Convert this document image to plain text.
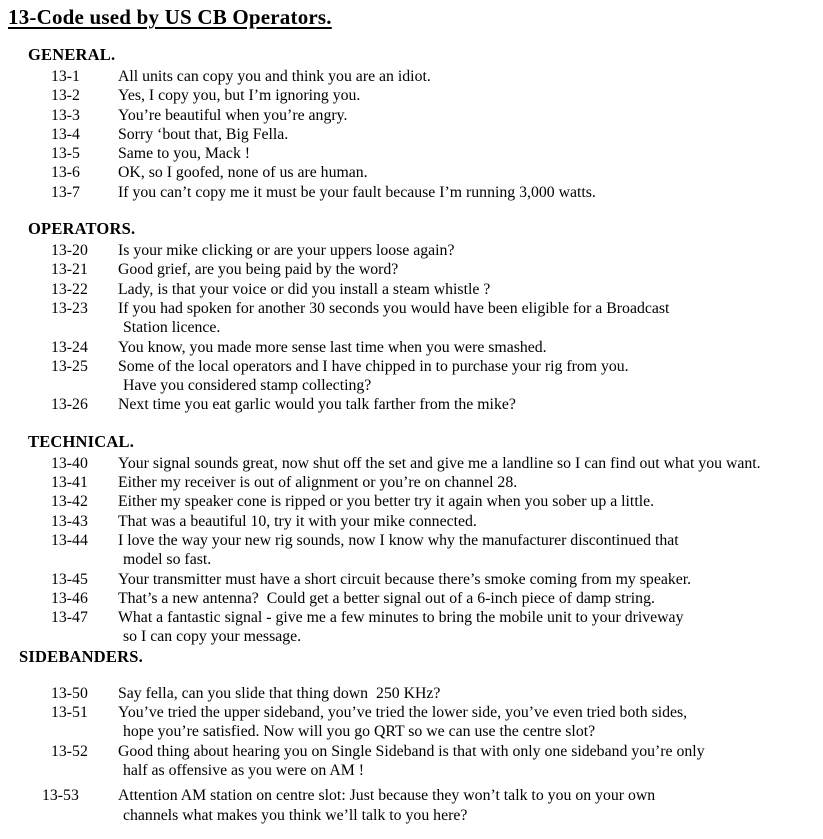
13-Code used by US CB Operators.
GENERAL.
13-1	All units can copy you and think you are an idiot.
13-2	Yes, I copy you, but I’m ignoring you.
13-3	You’re beautiful when you’re angry.
13-4	Sorry ‘bout that, Big Fella.
13-5	Same to you, Mack !
13-6	OK, so I goofed, none of us are human.
13-7	If you can’t copy me it must be your fault because I’m running 3,000 watts.
OPERATORS.
13-20	Is your mike clicking or are your uppers loose again?
13-21	Good grief, are you being paid by the word?
13-22	Lady, is that your voice or did you install a steam whistle ?
13-23	If you had spoken for another 30 seconds you would have been eligible for a Broadcast
Station licence.
13-24	You know, you made more sense last time when you were smashed.
13-25	Some of the local operators and I have chipped in to purchase your rig from you.
Have you considered stamp collecting?
13-26	Next time you eat garlic would you talk farther from the mike?
TECHNICAL.
13-40	Your signal sounds great, now shut off the set and give me a landline so I can find out what you want.
13-41	Either my receiver is out of alignment or you’re on channel 28.
13-42	Either my speaker cone is ripped or you better try it again when you sober up a little.
13-43	That was a beautiful 10, try it with your mike connected.
13-44	I love the way your new rig sounds, now I know why the manufacturer discontinued that
model so fast.
13-45	Your transmitter must have a short circuit because there’s smoke coming from my speaker.
13-46	That’s a new antenna?  Could get a better signal out of a 6-inch piece of damp string.
13-47	What a fantastic signal - give me a few minutes to bring the mobile unit to your driveway
so I can copy your message.
SIDEBANDERS.
13-50	Say fella, can you slide that thing down  250 KHz?
13-51	You’ve tried the upper sideband, you’ve tried the lower side, you’ve even tried both sides,
hope you’re satisfied. Now will you go QRT so we can use the centre slot?
13-52	Good thing about hearing you on Single Sideband is that with only one sideband you’re only
half as offensive as you were on AM !
13-53	Attention AM station on centre slot: Just because they won’t talk to you on your own
channels what makes you think we’ll talk to you here?
